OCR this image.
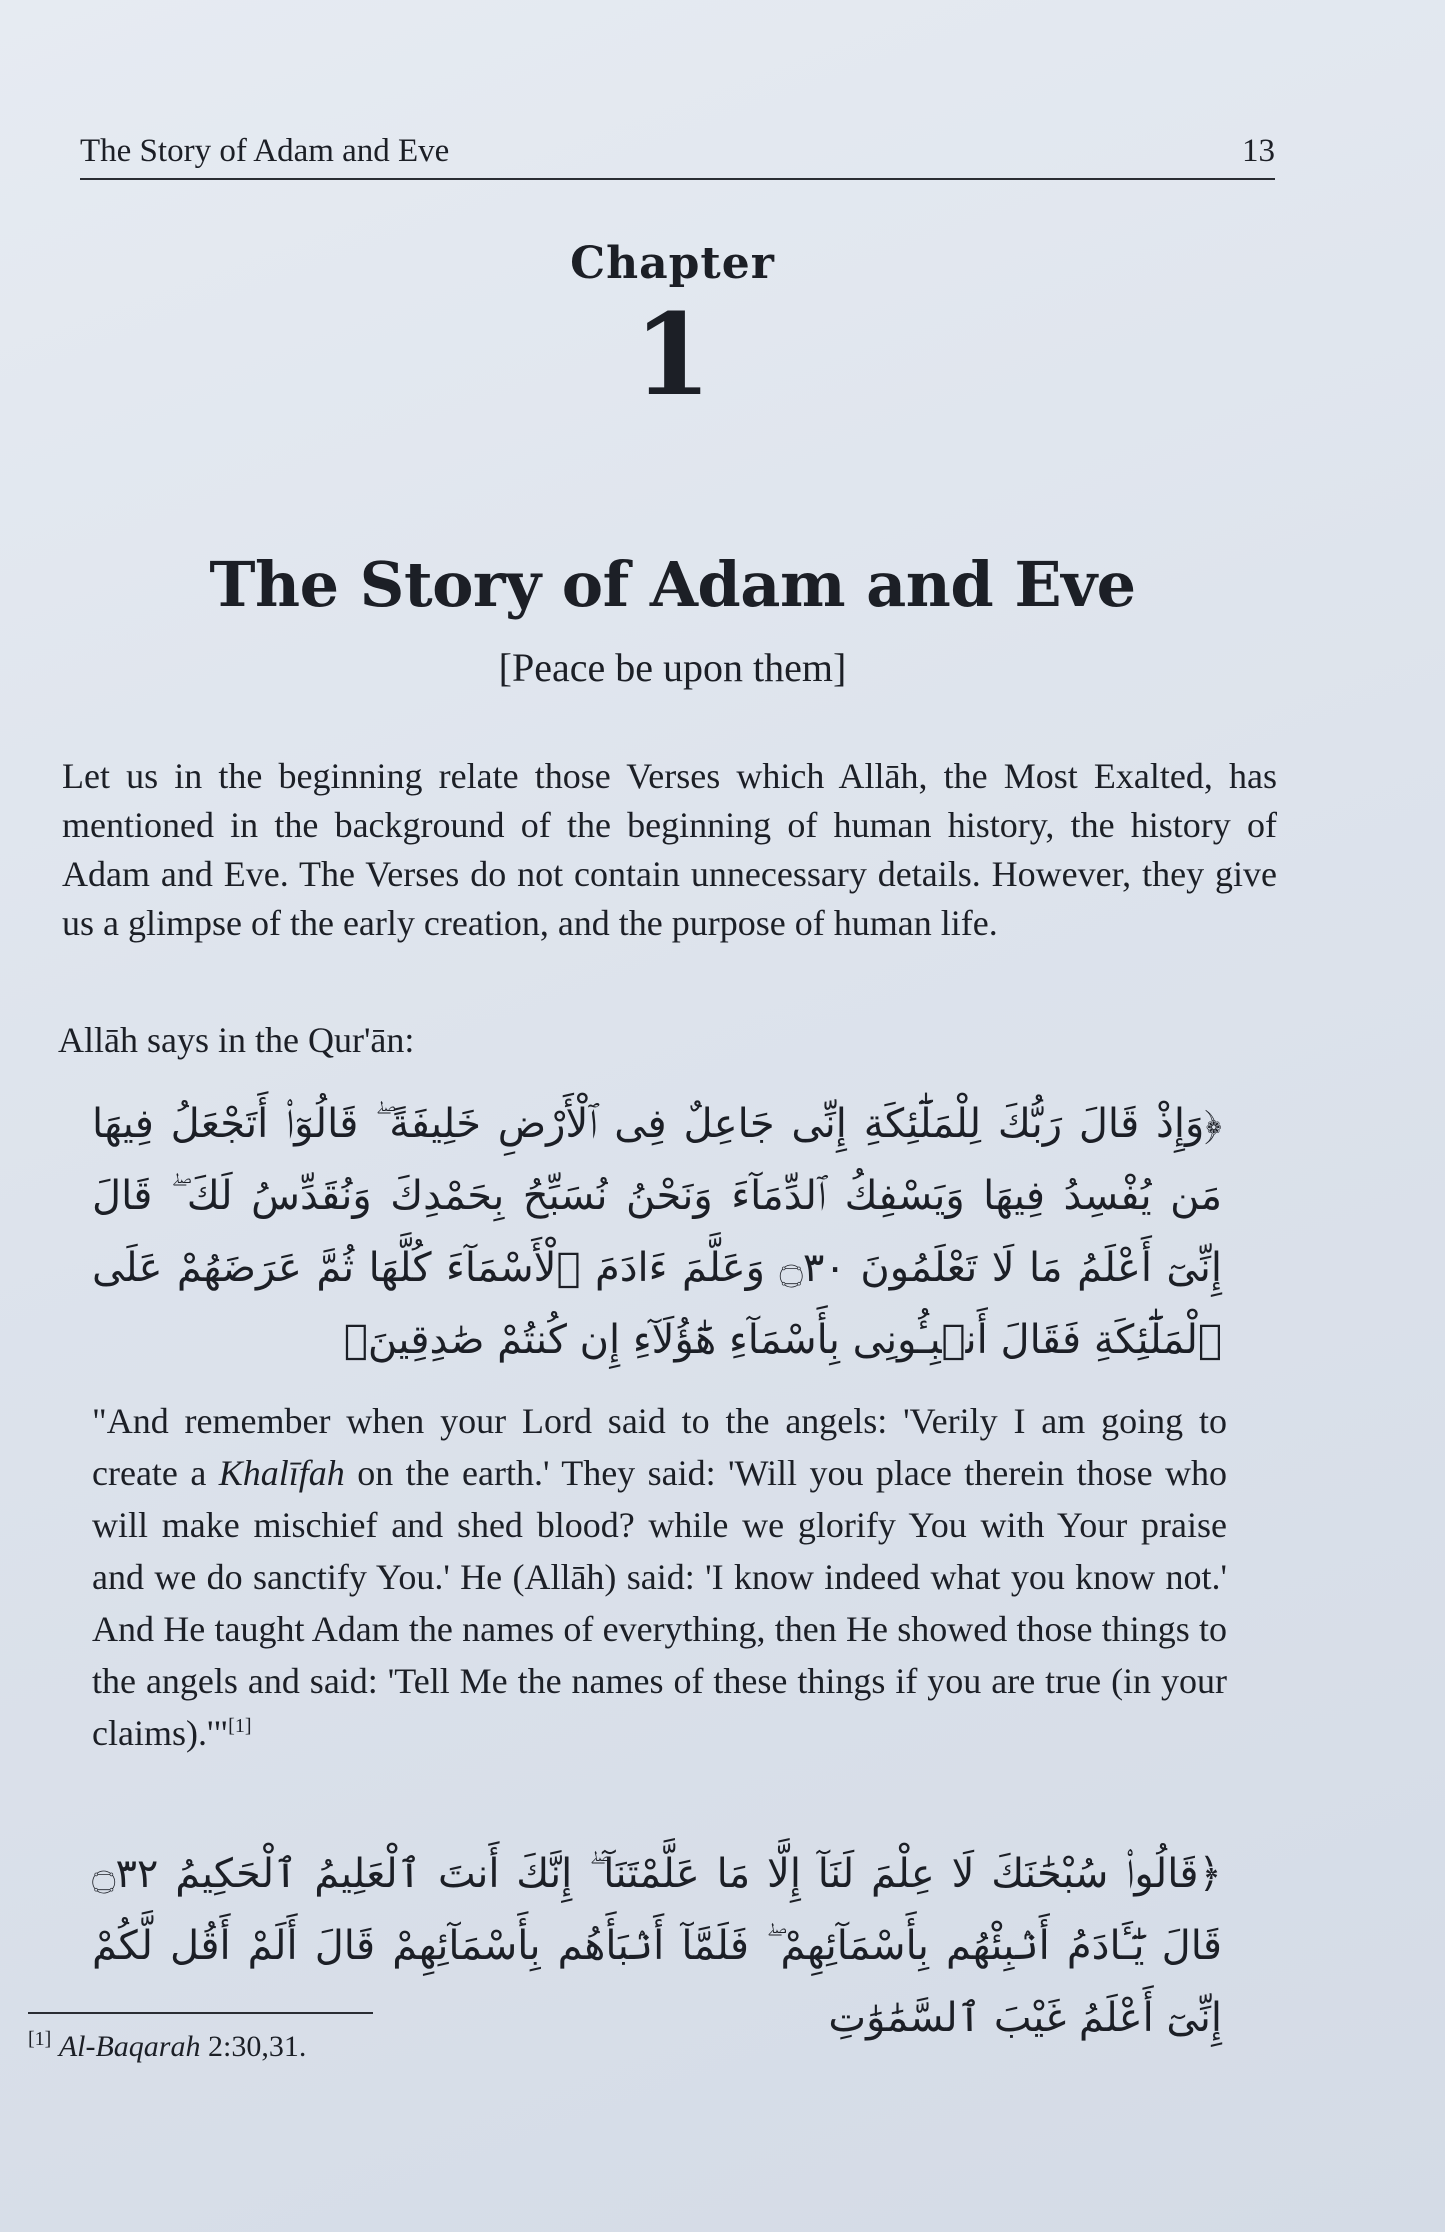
The Story of Adam and Eve	13
Chapter
1
The Story of Adam and Eve
[Peace be upon them]
Let us in the beginning relate those Verses which Allāh, the Most Exalted, has mentioned in the background of the beginning of human history, the history of Adam and Eve. The Verses do not contain unnecessary details. However, they give us a glimpse of the early creation, and the purpose of human life.
Allāh says in the Qur'ān:
﴿وَإِذْ قَالَ رَبُّكَ لِلْمَلَٰٓئِكَةِ إِنِّى جَاعِلٌ فِى ٱلْأَرْضِ خَلِيفَةً ۖ قَالُوٓا۟ أَتَجْعَلُ فِيهَا مَن يُفْسِدُ فِيهَا وَيَسْفِكُ ٱلدِّمَآءَ وَنَحْنُ نُسَبِّحُ بِحَمْدِكَ وَنُقَدِّسُ لَكَ ۖ قَالَ إِنِّىٓ أَعْلَمُ مَا لَا تَعْلَمُونَ ۝٣٠ وَعَلَّمَ ءَادَمَ ٱلْأَسْمَآءَ كُلَّهَا ثُمَّ عَرَضَهُمْ عَلَى ٱلْمَلَٰٓئِكَةِ فَقَالَ أَنۢبِـُٔونِى بِأَسْمَآءِ هَٰٓؤُلَآءِ إِن كُنتُمْ صَٰدِقِينَ﴾
"And remember when your Lord said to the angels: 'Verily I am going to create a Khalīfah on the earth.' They said: 'Will you place therein those who will make mischief and shed blood? while we glorify You with Your praise and we do sanctify You.' He (Allāh) said: 'I know indeed what you know not.' And He taught Adam the names of everything, then He showed those things to the angels and said: 'Tell Me the names of these things if you are true (in your claims).'"[1]
﴿قَالُوا۟ سُبْحَٰنَكَ لَا عِلْمَ لَنَآ إِلَّا مَا عَلَّمْتَنَآ ۖ إِنَّكَ أَنتَ ٱلْعَلِيمُ ٱلْحَكِيمُ ۝٣٢ قَالَ يَٰٓـَٔادَمُ أَنۢبِئْهُم بِأَسْمَآئِهِمْ ۖ فَلَمَّآ أَنۢبَأَهُم بِأَسْمَآئِهِمْ قَالَ أَلَمْ أَقُل لَّكُمْ إِنِّىٓ أَعْلَمُ غَيْبَ ٱلسَّمَٰوَٰتِ
[1] Al-Baqarah 2:30,31.
